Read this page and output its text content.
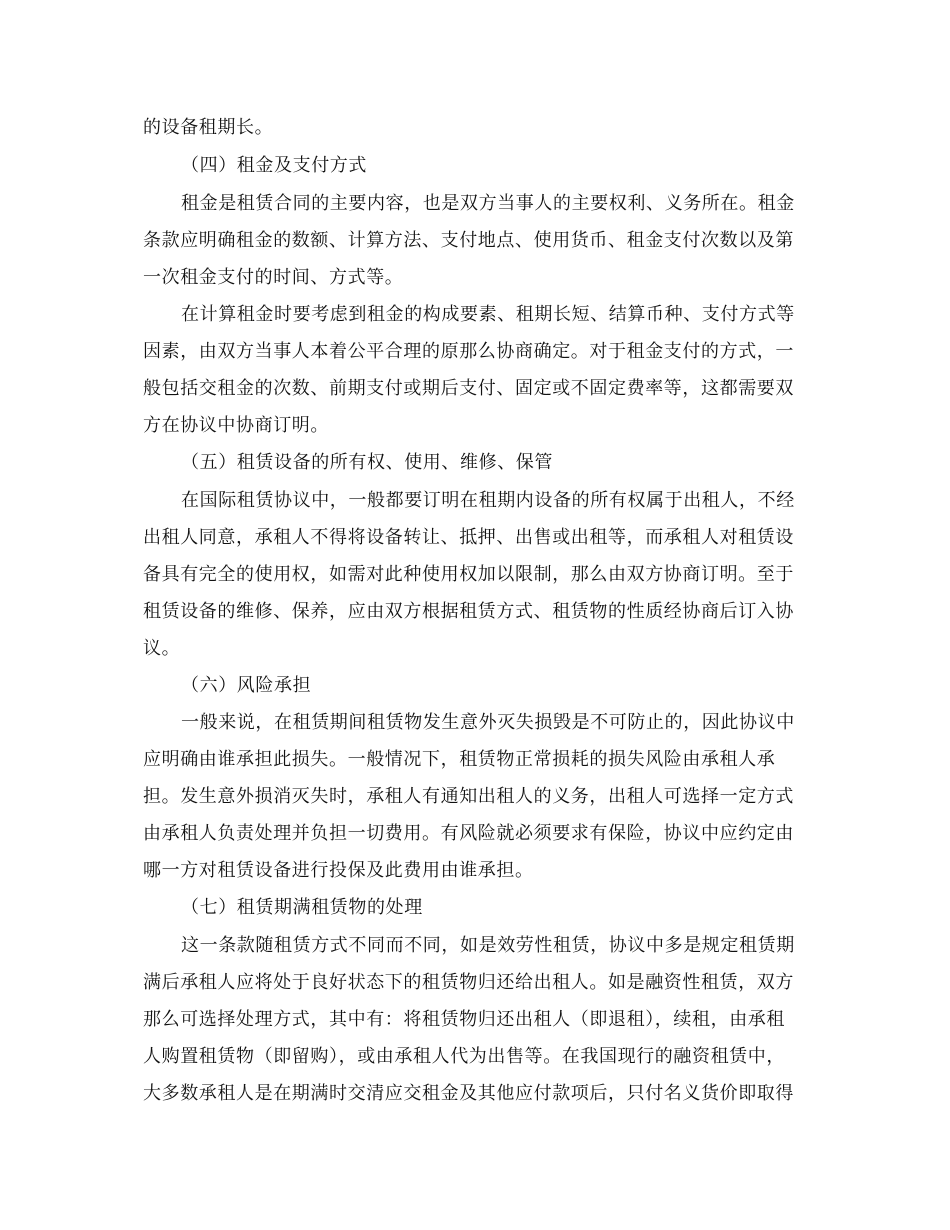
的设备租期长。

（四）租金及支付方式

租金是租赁合同的主要内容，也是双方当事人的主要权利、义务所在。租金

条款应明确租金的数额、计算方法、支付地点、使用货币、租金支付次数以及第

一次租金支付的时间、方式等。

在计算租金时要考虑到租金的构成要素、租期长短、结算币种、支付方式等

因素，由双方当事人本着公平合理的原那么协商确定。对于租金支付的方式，一

般包括交租金的次数、前期支付或期后支付、固定或不固定费率等，这都需要双

方在协议中协商订明。

（五）租赁设备的所有权、使用、维修、保管

在国际租赁协议中，一般都要订明在租期内设备的所有权属于出租人，不经

出租人同意，承租人不得将设备转让、抵押、出售或出租等，而承租人对租赁设

备具有完全的使用权，如需对此种使用权加以限制，那么由双方协商订明。至于

租赁设备的维修、保养，应由双方根据租赁方式、租赁物的性质经协商后订入协

议。

（六）风险承担

一般来说，在租赁期间租赁物发生意外灭失损毁是不可防止的，因此协议中

应明确由谁承担此损失。一般情况下，租赁物正常损耗的损失风险由承租人承

担。发生意外损消灭失时，承租人有通知出租人的义务，出租人可选择一定方式

由承租人负责处理并负担一切费用。有风险就必须要求有保险，协议中应约定由

哪一方对租赁设备进行投保及此费用由谁承担。

（七）租赁期满租赁物的处理

这一条款随租赁方式不同而不同，如是效劳性租赁，协议中多是规定租赁期

满后承租人应将处于良好状态下的租赁物归还给出租人。如是融资性租赁，双方

那么可选择处理方式，其中有：将租赁物归还出租人（即退租），续租，由承租

人购置租赁物（即留购），或由承租人代为出售等。在我国现行的融资租赁中，

大多数承租人是在期满时交清应交租金及其他应付款项后，只付名义货价即取得
